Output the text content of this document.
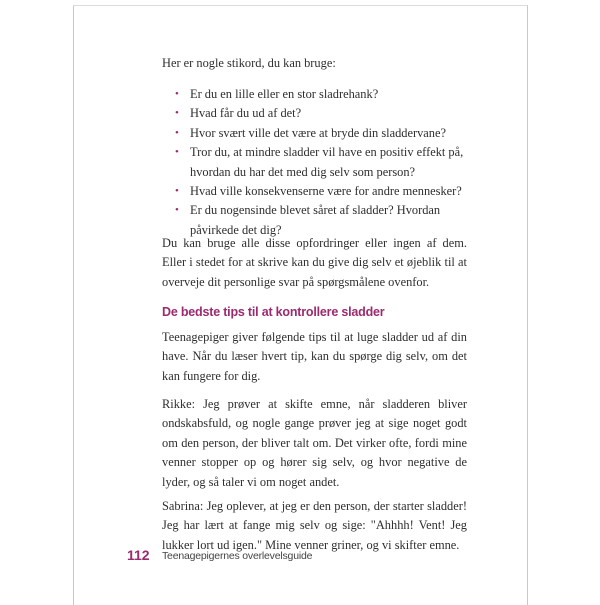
Her er nogle stikord, du kan bruge:
• Er du en lille eller en stor sladrehank?
• Hvad får du ud af det?
• Hvor svært ville det være at bryde din sladdervane?
• Tror du, at mindre sladder vil have en positiv effekt på, hvordan du har det med dig selv som person?
• Hvad ville konsekvenserne være for andre mennesker?
• Er du nogensinde blevet såret af sladder? Hvordan påvirkede det dig?

Du kan bruge alle disse opfordringer eller ingen af dem. Eller i stedet for at skrive kan du give dig selv et øjeblik til at overveje dit personlige svar på spørgsmålene ovenfor.

De bedste tips til at kontrollere sladder

Teenagepiger giver følgende tips til at luge sladder ud af din have. Når du læser hvert tip, kan du spørge dig selv, om det kan fungere for dig.

Rikke: Jeg prøver at skifte emne, når sladderen bliver ondskabsfuld, og nogle gange prøver jeg at sige noget godt om den person, der bliver talt om. Det virker ofte, fordi mine venner stopper op og hører sig selv, og hvor negative de lyder, og så taler vi om noget andet.

Sabrina: Jeg oplever, at jeg er den person, der starter sladder! Jeg har lært at fange mig selv og sige: "Ahhhh! Vent! Jeg lukker lort ud igen." Mine venner griner, og vi skifter emne.

112 Teenagepigernes overlevelsguide
